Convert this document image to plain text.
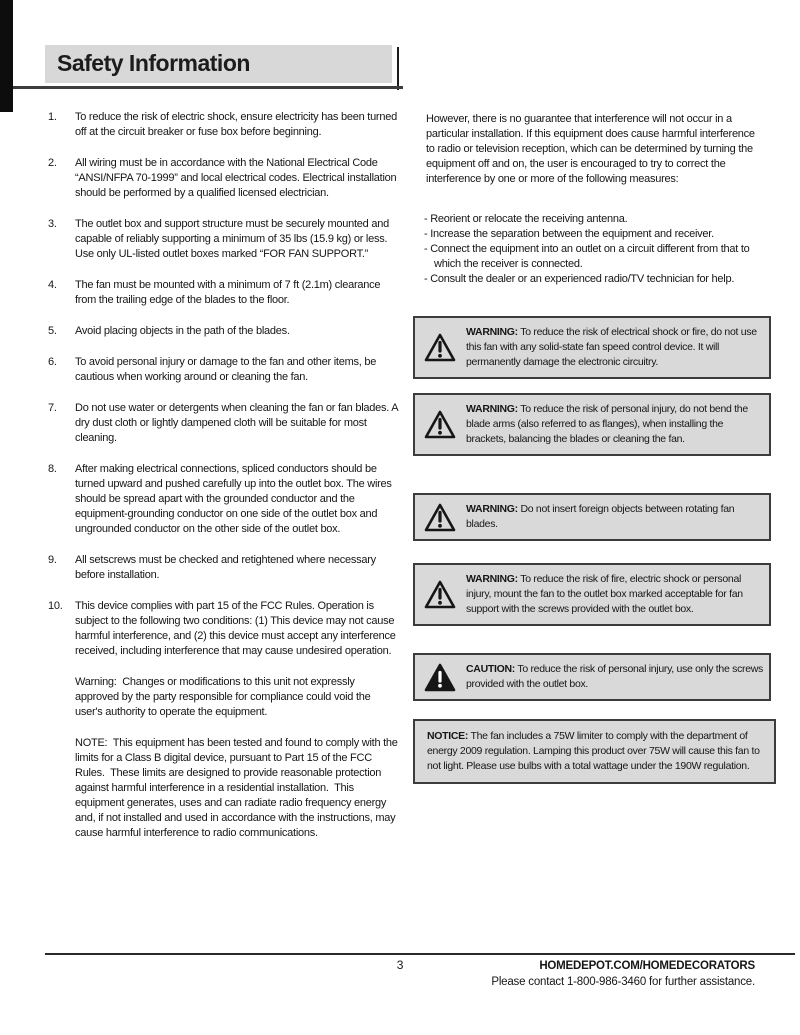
Safety Information
1. To reduce the risk of electric shock, ensure electricity has been turned off at the circuit breaker or fuse box before beginning.
2. All wiring must be in accordance with the National Electrical Code “ANSI/NFPA 70-1999” and local electrical codes. Electrical installation should be performed by a qualified licensed electrician.
3. The outlet box and support structure must be securely mounted and capable of reliably supporting a minimum of 35 lbs (15.9 kg) or less. Use only UL-listed outlet boxes marked “FOR FAN SUPPORT.”
4. The fan must be mounted with a minimum of 7 ft (2.1m) clearance from the trailing edge of the blades to the floor.
5. Avoid placing objects in the path of the blades.
6. To avoid personal injury or damage to the fan and other items, be cautious when working around or cleaning the fan.
7. Do not use water or detergents when cleaning the fan or fan blades. A dry dust cloth or lightly dampened cloth will be suitable for most cleaning.
8. After making electrical connections, spliced conductors should be turned upward and pushed carefully up into the outlet box. The wires should be spread apart with the grounded conductor and the equipment-grounding conductor on one side of the outlet box and ungrounded conductor on the other side of the outlet box.
9. All setscrews must be checked and retightened where necessary before installation.
10. This device complies with part 15 of the FCC Rules. Operation is subject to the following two conditions: (1) This device may not cause harmful interference, and (2) this device must accept any interference received, including interference that may cause undesired operation.

Warning:  Changes or modifications to this unit not expressly approved by the party responsible for compliance could void the user's authority to operate the equipment.

NOTE:  This equipment has been tested and found to comply with the limits for a Class B digital device, pursuant to Part 15 of the FCC Rules.  These limits are designed to provide reasonable protection against harmful interference in a residential installation.  This equipment generates, uses and can radiate radio frequency energy and, if not installed and used in accordance with the instructions, may cause harmful interference to radio communications.

However, there is no guarantee that interference will not occur in a particular installation. If this equipment does cause harmful interference to radio or television reception, which can be determined by turning the equipment off and on, the user is encouraged to try to correct the interference by one or more of the following measures:

- Reorient or relocate the receiving antenna.
- Increase the separation between the equipment and receiver.
- Connect the equipment into an outlet on a circuit different from that to which the receiver is connected.
- Consult the dealer or an experienced radio/TV technician for help.

WARNING: To reduce the risk of electrical shock or fire, do not use this fan with any solid-state fan speed control device. It will permanently damage the electronic circuitry.

WARNING: To reduce the risk of personal injury, do not bend the blade arms (also referred to as flanges), when installing the brackets, balancing the blades or cleaning the fan.

WARNING: Do not insert foreign objects between rotating fan blades.

WARNING: To reduce the risk of fire, electric shock or personal injury, mount the fan to the outlet box marked acceptable for fan support with the screws provided with the outlet box.

CAUTION: To reduce the risk of personal injury, use only the screws provided with the outlet box.

NOTICE: The fan includes a 75W limiter to comply with the department of energy 2009 regulation. Lamping this product over 75W will cause this fan to not light. Please use bulbs with a total wattage under the 190W regulation.

3	HOMEDEPOT.COM/HOMEDECORATORS
Please contact 1-800-986-3460 for further assistance.
